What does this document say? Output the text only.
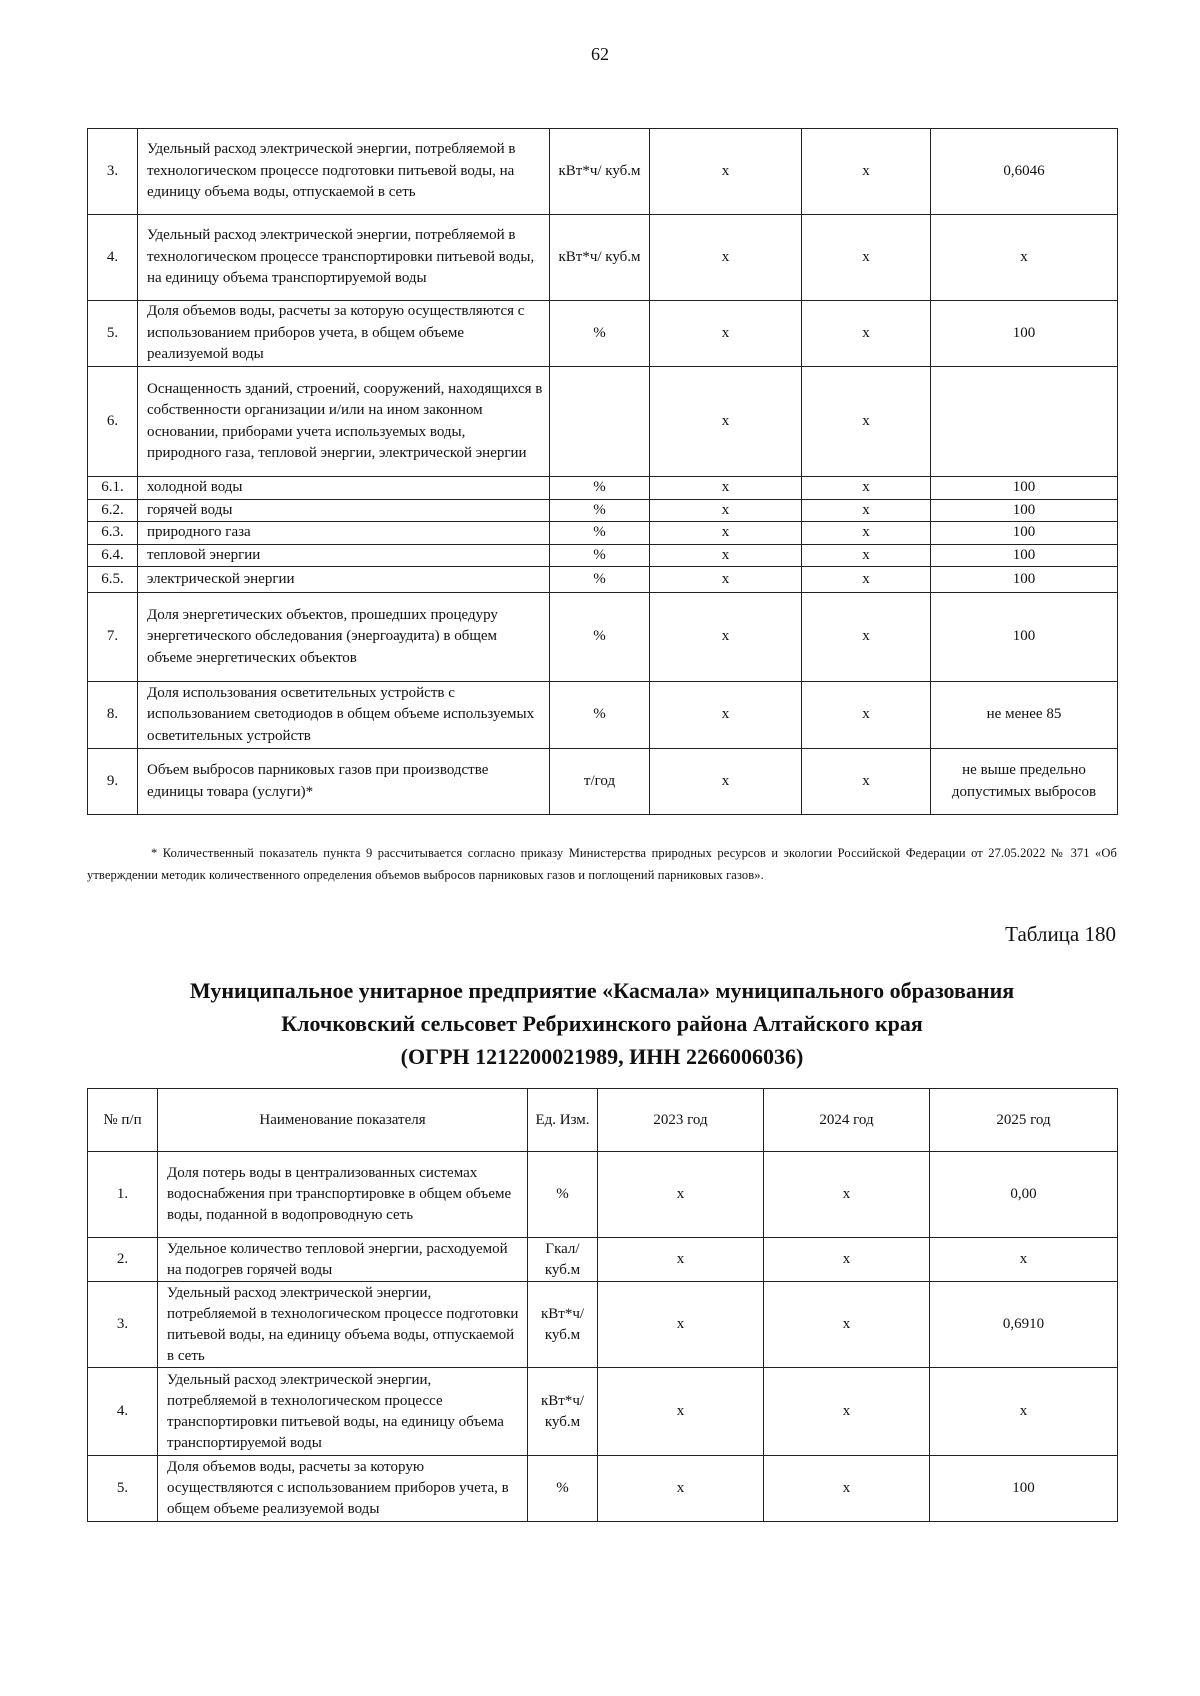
62
3.	Удельный расход электрической энергии, потребляемой в технологическом процессе подготовки питьевой воды, на единицу объема воды, отпускаемой в сеть	кВт*ч/ куб.м	x	x	0,6046
4.	Удельный расход электрической энергии, потребляемой в технологическом процессе транспортировки питьевой воды, на единицу объема транспортируемой воды	кВт*ч/ куб.м	x	x	x
5.	Доля объемов воды, расчеты за которую осуществляются с использованием приборов учета, в общем объеме реализуемой воды	%	x	x	100
6.	Оснащенность зданий, строений, сооружений, находящихся в собственности организации и/или на ином законном основании, приборами учета используемых воды, природного газа, тепловой энергии, электрической энергии		x	x	
6.1.	холодной воды	%	x	x	100
6.2.	горячей воды	%	x	x	100
6.3.	природного газа	%	x	x	100
6.4.	тепловой энергии	%	x	x	100
6.5.	электрической энергии	%	x	x	100
7.	Доля энергетических объектов, прошедших процедуру энергетического обследования (энергоаудита) в общем объеме энергетических объектов	%	x	x	100
8.	Доля использования осветительных устройств с использованием светодиодов в общем объеме используемых осветительных устройств	%	x	x	не менее 85
9.	Объем выбросов парниковых газов при производстве единицы товара (услуги)*	т/год	x	x	не выше предельно допустимых выбросов
* Количественный показатель пункта 9 рассчитывается согласно приказу Министерства природных ресурсов и экологии Российской Федерации от 27.05.2022 № 371 «Об утверждении методик количественного определения объемов выбросов парниковых газов и поглощений парниковых газов».
Таблица 180
Муниципальное унитарное предприятие «Касмала» муниципального образования
Клочковский сельсовет Ребрихинского района Алтайского края
(ОГРН 1212200021989, ИНН 2266006036)
№ п/п	Наименование показателя	Ед. Изм.	2023 год	2024 год	2025 год
1.	Доля потерь воды в централизованных системах водоснабжения при транспортировке в общем объеме воды, поданной в водопроводную сеть	%	x	x	0,00
2.	Удельное количество тепловой энергии, расходуемой на подогрев горячей воды	Гкал/ куб.м	x	x	x
3.	Удельный расход электрической энергии, потребляемой в технологическом процессе подготовки питьевой воды, на единицу объема воды, отпускаемой в сеть	кВт*ч/ куб.м	x	x	0,6910
4.	Удельный расход электрической энергии, потребляемой в технологическом процессе транспортировки питьевой воды, на единицу объема транспортируемой воды	кВт*ч/ куб.м	x	x	x
5.	Доля объемов воды, расчеты за которую осуществляются с использованием приборов учета, в общем объеме реализуемой воды	%	x	x	100
